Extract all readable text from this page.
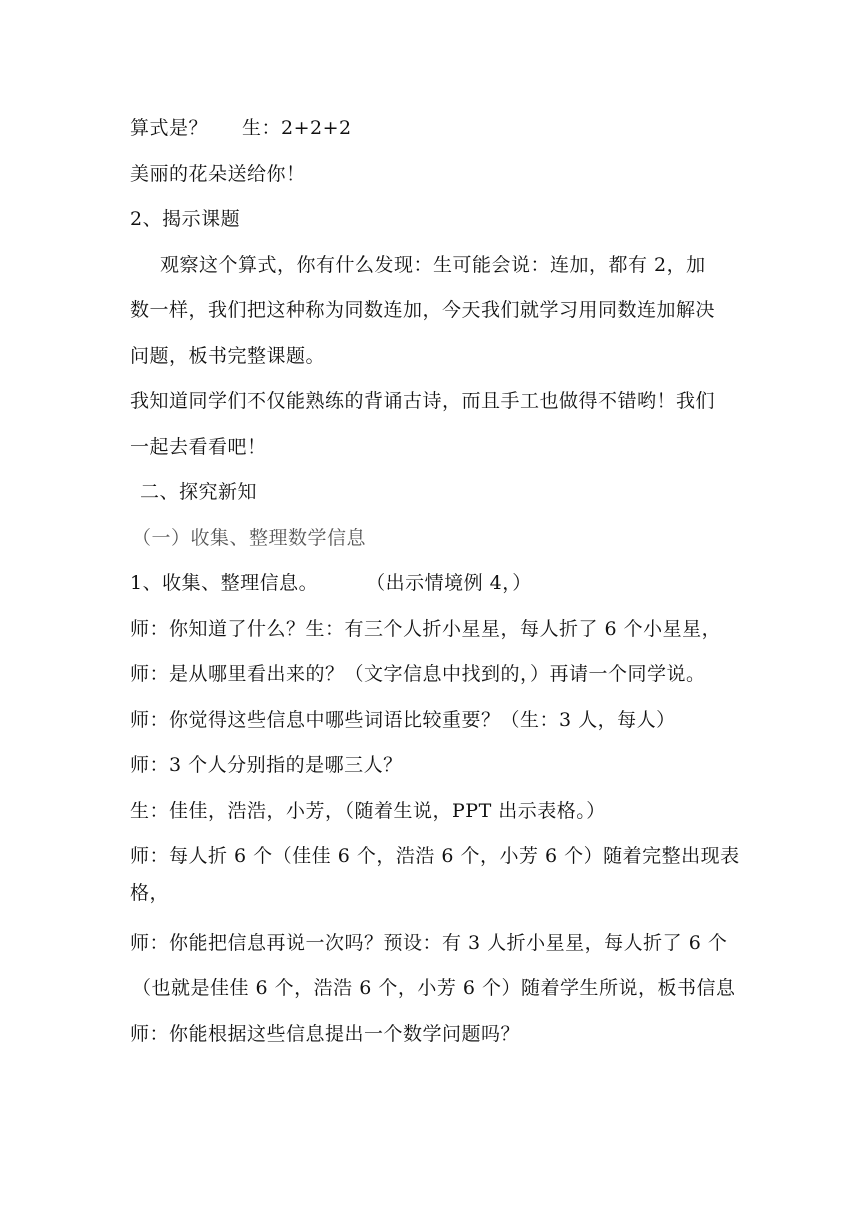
算式是？ 生：2+2+2
美丽的花朵送给你！
2、揭示课题
观察这个算式，你有什么发现：生可能会说：连加，都有 2，加
数一样，我们把这种称为同数连加，今天我们就学习用同数连加解决
问题，板书完整课题。
我知道同学们不仅能熟练的背诵古诗，而且手工也做得不错哟！我们
一起去看看吧！
二、探究新知
（一）收集、整理数学信息
1、收集、整理信息。	（出示情境例 4，）
师：你知道了什么？生：有三个人折小星星，每人折了 6 个小星星，
师：是从哪里看出来的？（文字信息中找到的，）再请一个同学说。
师：你觉得这些信息中哪些词语比较重要？（生：3 人，每人）
师：3 个人分别指的是哪三人？
生：佳佳，浩浩，小芳，（随着生说，PPT 出示表格。）
师：每人折 6 个（佳佳 6 个，浩浩 6 个，小芳 6 个）随着完整出现表
格，
师：你能把信息再说一次吗？预设：有 3 人折小星星，每人折了 6 个
（也就是佳佳 6 个，浩浩 6 个，小芳 6 个）随着学生所说，板书信息
师：你能根据这些信息提出一个数学问题吗？
